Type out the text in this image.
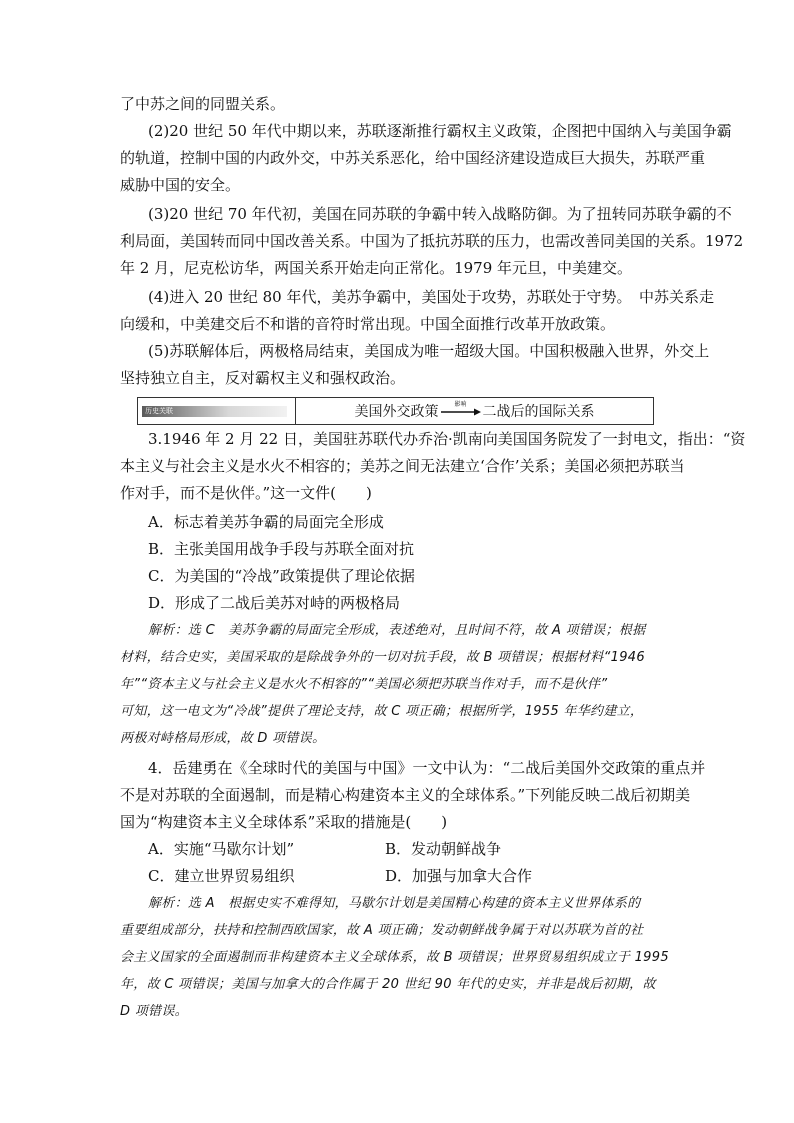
了中苏之间的同盟关系。
(2)20 世纪 50 年代中期以来，苏联逐渐推行霸权主义政策，企图把中国纳入与美国争霸
的轨道，控制中国的内政外交，中苏关系恶化，给中国经济建设造成巨大损失，苏联严重
威胁中国的安全。
(3)20 世纪 70 年代初，美国在同苏联的争霸中转入战略防御。为了扭转同苏联争霸的不
利局面，美国转而同中国改善关系。中国为了抵抗苏联的压力，也需改善同美国的关系。1972
年 2 月，尼克松访华，两国关系开始走向正常化。1979 年元旦，中美建交。
(4)进入 20 世纪 80 年代，美苏争霸中，美国处于攻势，苏联处于守势。　中苏关系走
向缓和，中美建交后不和谐的音符时常出现。中国全面推行改革开放政策。
(5)苏联解体后，两极格局结束，美国成为唯一超级大国。中国积极融入世界，外交上
坚持独立自主，反对霸权主义和强权政治。
历史关联	美国外交政策	影响 二战后的国际关系
3.1946 年 2 月 22 日，美国驻苏联代办乔治·凯南向美国国务院发了一封电文，指出：“资
本主义与社会主义是水火不相容的；美苏之间无法建立‘合作’关系；美国必须把苏联当
作对手，而不是伙伴。”这一文件(　　)
A．标志着美苏争霸的局面完全形成
B．主张美国用战争手段与苏联全面对抗
C．为美国的“冷战”政策提供了理论依据
D．形成了二战后美苏对峙的两极格局
解析：选 C　美苏争霸的局面完全形成，表述绝对，且时间不符，故 A 项错误；根据
材料，结合史实，美国采取的是除战争外的一切对抗手段，故 B 项错误；根据材料“1946
年”“资本主义与社会主义是水火不相容的”“美国必须把苏联当作对手，而不是伙伴”
可知，这一电文为“冷战”提供了理论支持，故 C 项正确；根据所学，1955 年华约建立，
两极对峙格局形成，故 D 项错误。
4．岳建勇在《全球时代的美国与中国》一文中认为：“二战后美国外交政策的重点并
不是对苏联的全面遏制，而是精心构建资本主义的全球体系。”下列能反映二战后初期美
国为“构建资本主义全球体系”采取的措施是(　　)
A．实施“马歇尔计划”	B．发动朝鲜战争
C．建立世界贸易组织	D．加强与加拿大合作
解析：选 A　根据史实不难得知，马歇尔计划是美国精心构建的资本主义世界体系的
重要组成部分，扶持和控制西欧国家，故 A 项正确；发动朝鲜战争属于对以苏联为首的社
会主义国家的全面遏制而非构建资本主义全球体系，故 B 项错误；世界贸易组织成立于 1995
年，故 C 项错误；美国与加拿大的合作属于 20 世纪 90 年代的史实，并非是战后初期，故
D 项错误。
